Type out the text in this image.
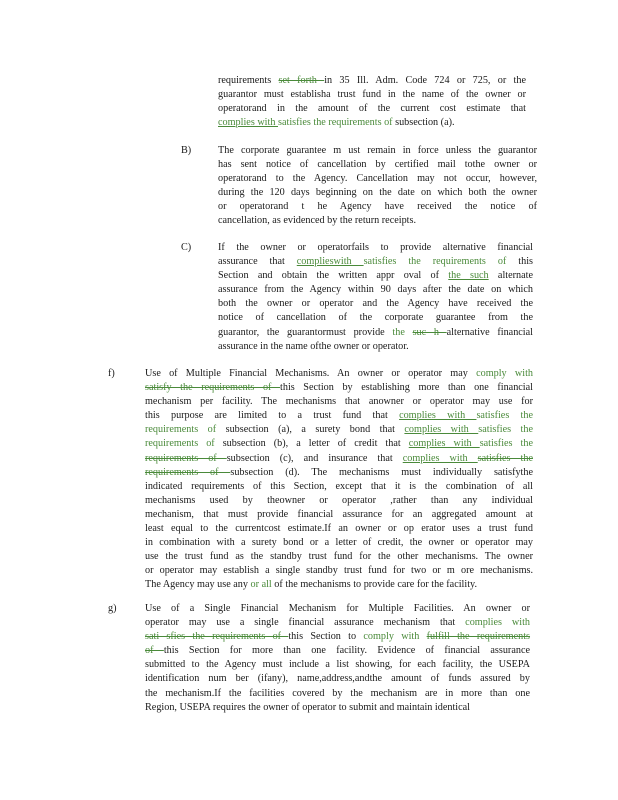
requirements set forth in 35 Ill. Adm. Code 724 or 725, or the
guarantor must establisha trust fund in the name of the owner or
operatorand in the amount of the current cost estimate that
complies with satisfies the requirements of subsection (a).
B)	The corporate guarantee m ust remain in force unless the guarantor
has sent notice of cancellation by certified mail tothe owner or
operatorand to the Agency. Cancellation may not occur, however,
during the 120 days beginning on the date on which both the owner
or operatorand t he Agency have received the notice of
cancellation, as evidenced by the return receipts.
C)	If the owner or operatorfails to provide alternative financial
assurance that complieswith satisfies the requirements of this
Section and obtain the written appr oval of the such alternate
assurance from the Agency within 90 days after the date on which
both the owner or operator and the Agency have received the
notice of cancellation of the corporate guarantee from the
guarantor, the guarantormust provide the suc h alternative financial
assurance in the name ofthe owner or operator.
f)	Use of Multiple Financial Mechanisms. An owner or operator may comply with
satisfy the requirements of this Section by establishing more than one financial
mechanism per facility. The mechanisms that anowner or operator may use for
this purpose are limited to a trust fund that complies with satisfies the
requirements of subsection (a), a surety bond that complies with satisfies the
requirements of subsection (b), a letter of credit that complies with satisfies the
requirements of subsection (c), and insurance that complies with satisfies the
requirements of subsection (d). The mechanisms must individually satisfythe
indicated requirements of this Section, except that it is the combination of all
mechanisms used by theowner or operator ,rather than any individual
mechanism, that must provide financial assurance for an aggregated amount at
least equal to the currentcost estimate.If an owner or op erator uses a trust fund
in combination with a surety bond or a letter of credit, the owner or operator may
use the trust fund as the standby trust fund for the other mechanisms. The owner
or operator may establish a single standby trust fund for two or m ore mechanisms.
The Agency may use any or all of the mechanisms to provide care for the facility.
g)	Use of a Single Financial Mechanism for Multiple Facilities. An owner or
operator may use a single financial assurance mechanism that complies with
sati sfies the requirements of this Section to comply with fulfill the requirements
of this Section for more than one facility. Evidence of financial assurance
submitted to the Agency must include a list showing, for each facility, the USEPA
identification num ber (ifany), name,address,andthe amount of funds assured by
the mechanism.If the facilities covered by the mechanism are in more than one
Region, USEPA requires the owner of operator to submit and maintain identical
